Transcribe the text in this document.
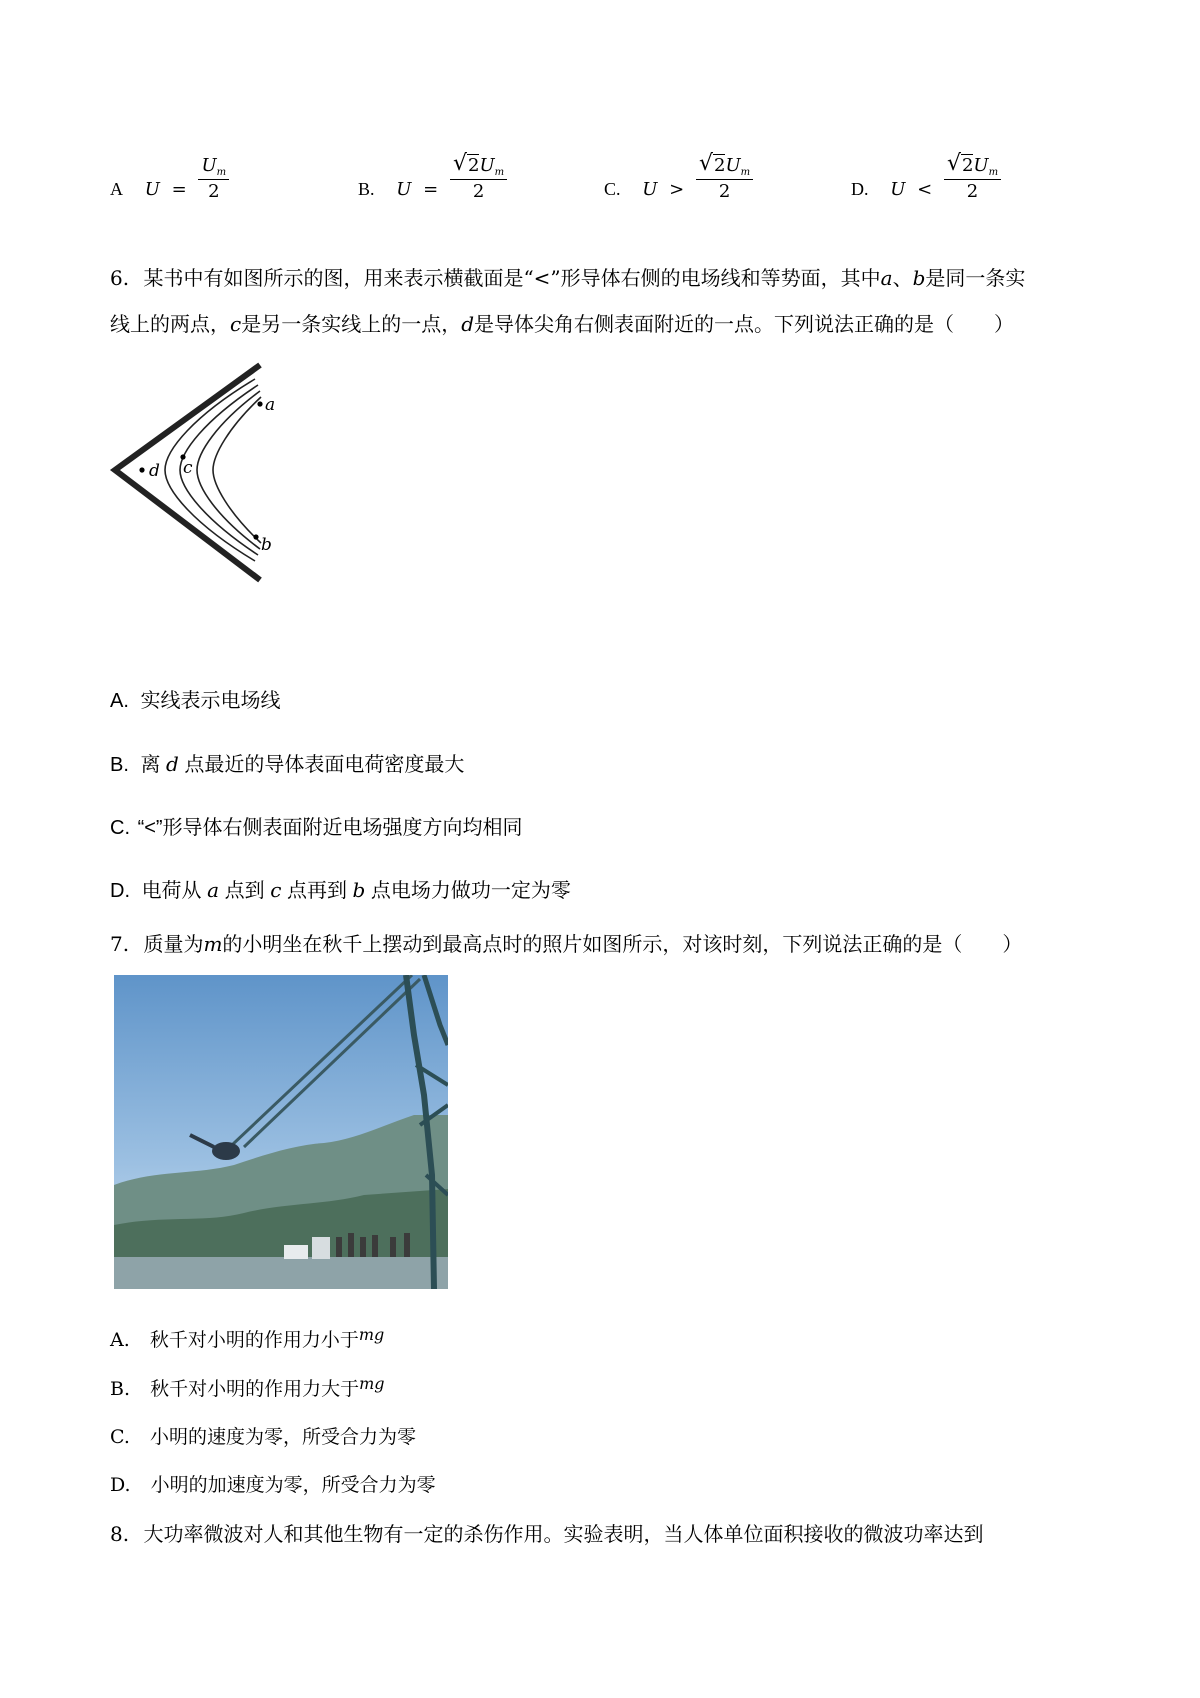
A $U = \frac{U_m}{2}$	B. $U = \frac{√ 2U_m}{2}$	C. $U > \frac{√ 2U_m}{2}$	D. $U < \frac{√ 2U_m}{2}$
6. 某书中有如图所示的图，用来表示横截面是“<”形导体右侧的电场线和等势面，其中a、b是同一条实
线上的两点，c是另一条实线上的一点，d是导体尖角右侧表面附近的一点。下列说法正确的是（　　）
a
b
c
d
A. 实线表示电场线
B. 离 d 点最近的导体表面电荷密度最大
C. “<”形导体右侧表面附近电场强度方向均相同
D. 电荷从 a 点到 c 点再到 b 点电场力做功一定为零
7. 质量为m的小明坐在秋千上摆动到最高点时的照片如图所示，对该时刻，下列说法正确的是（　　）
A. 秋千对小明的作用力小于$^{mg}$
B. 秋千对小明的作用力大于$^{mg}$
C. 小明的速度为零，所受合力为零
D. 小明的加速度为零，所受合力为零
8. 大功率微波对人和其他生物有一定的杀伤作用。实验表明，当人体单位面积接收的微波功率达到
